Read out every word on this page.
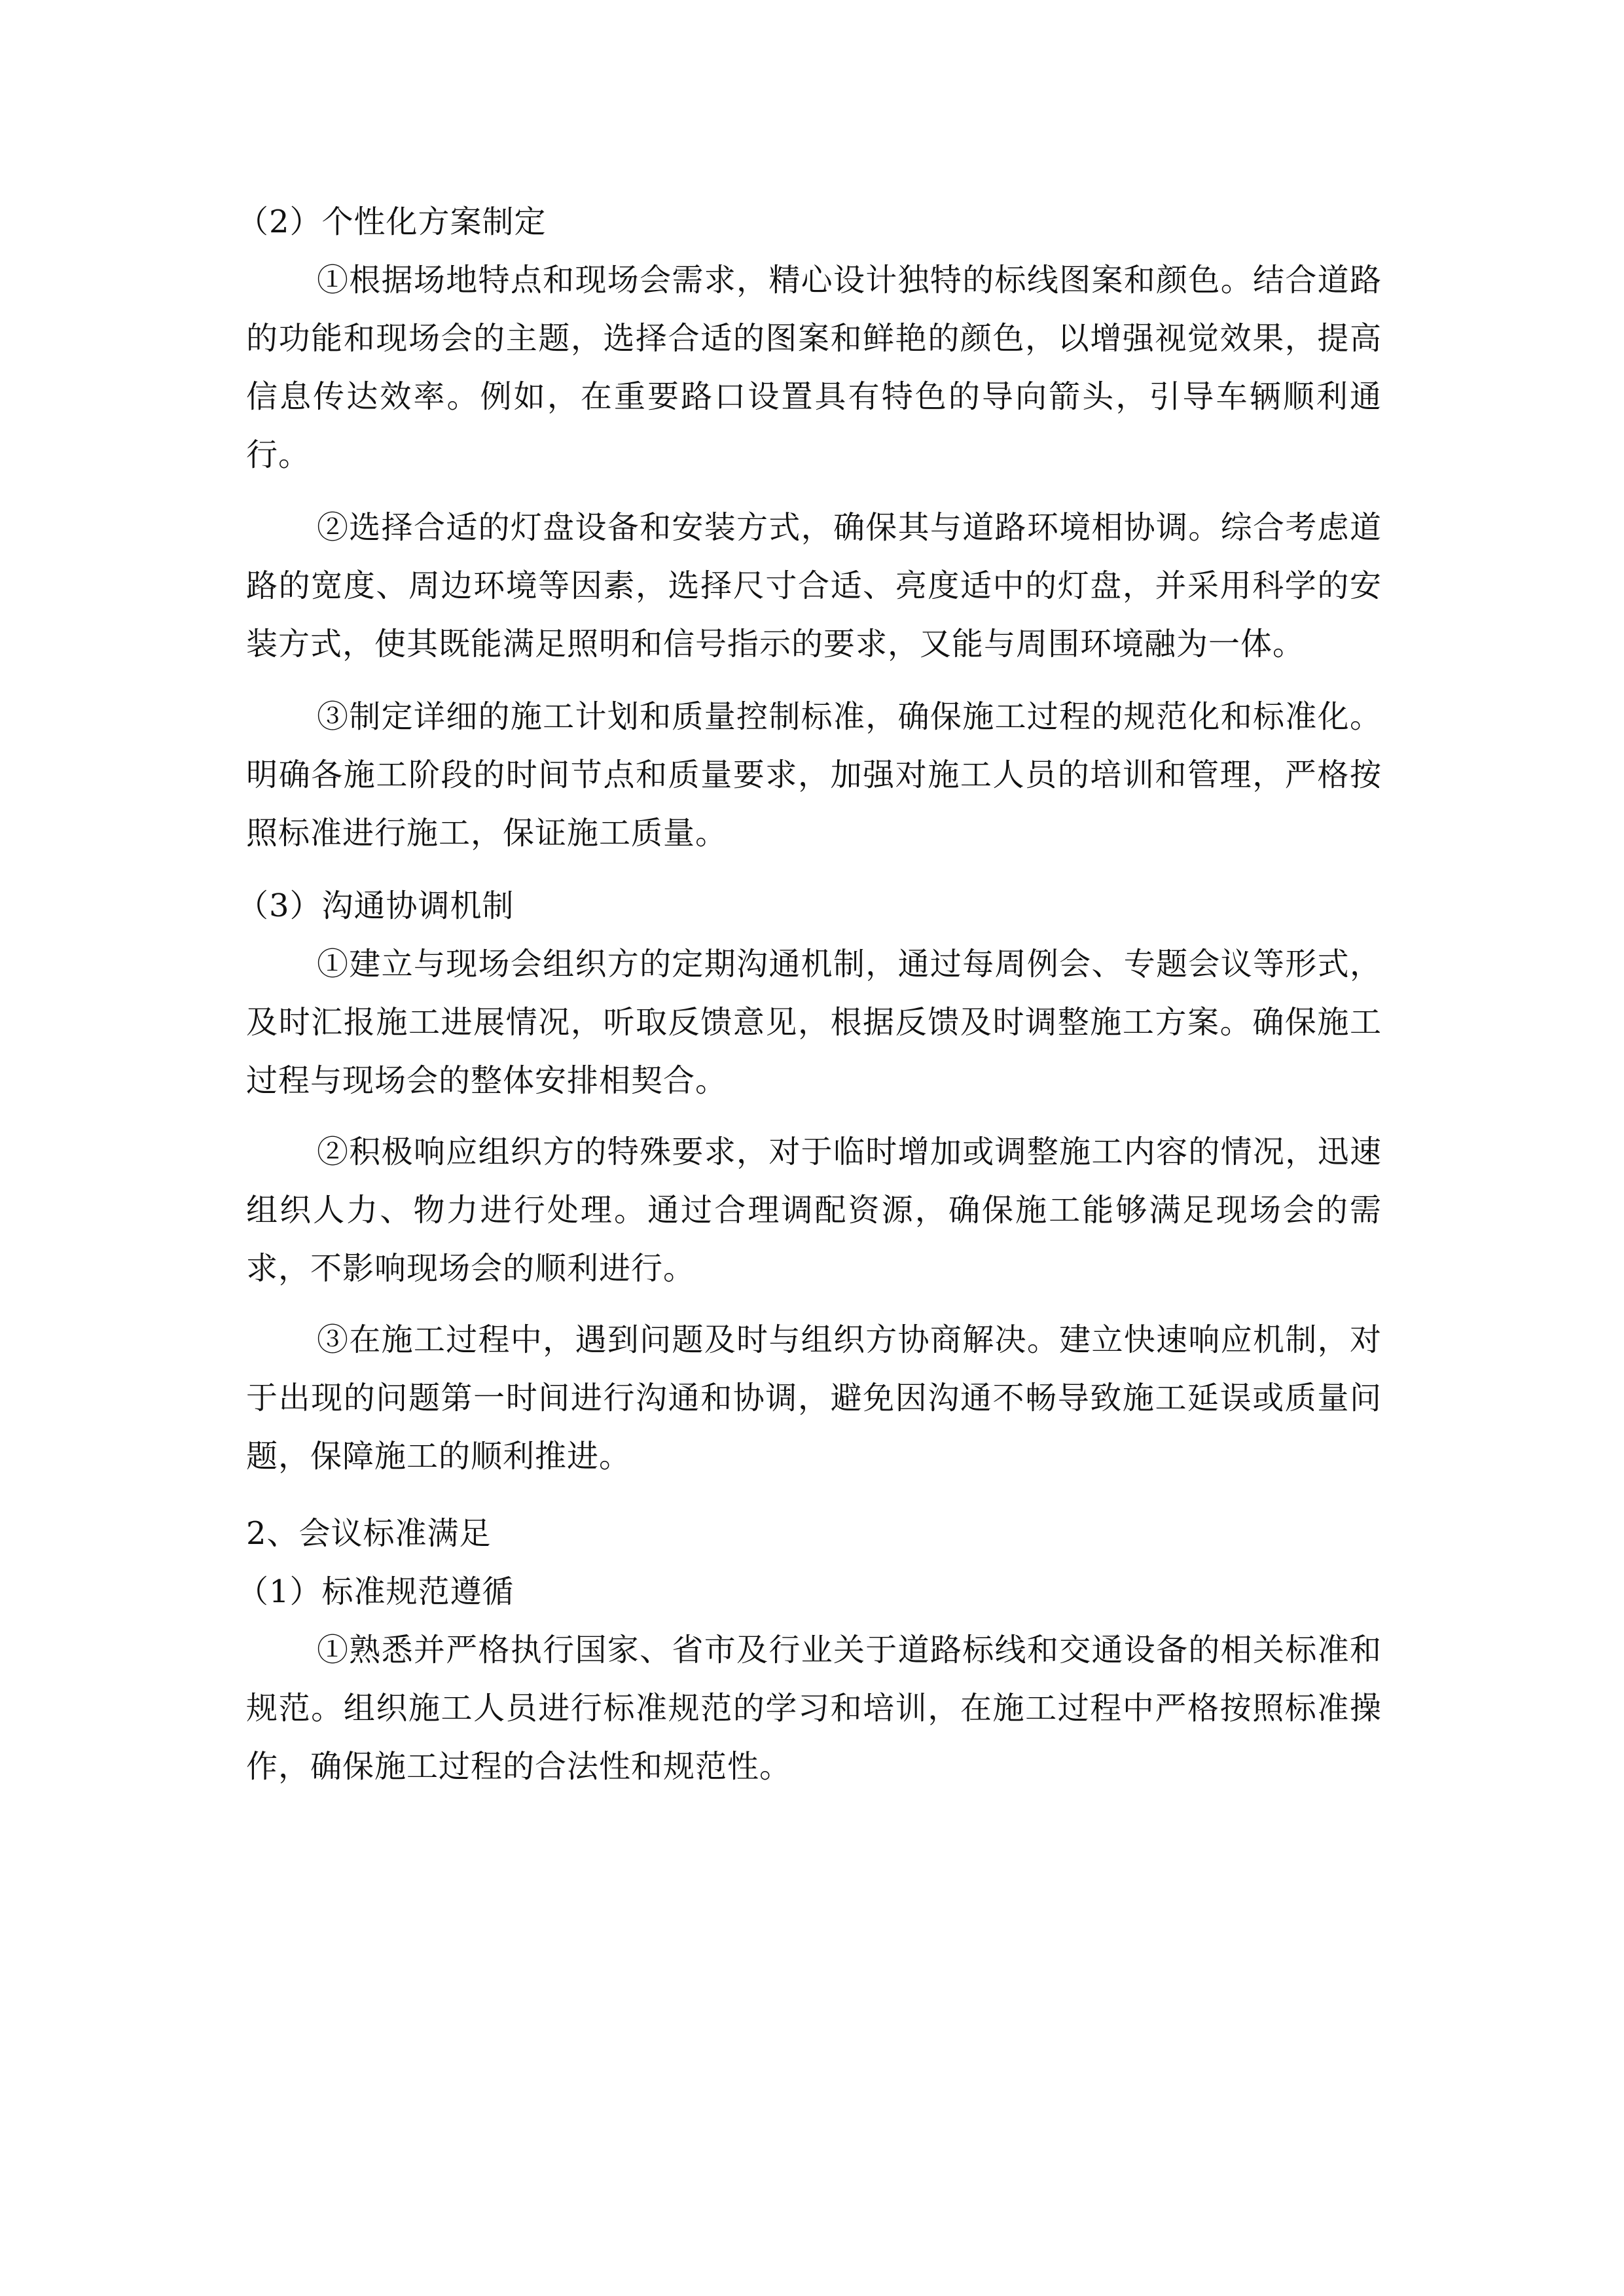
（2）个性化方案制定

①根据场地特点和现场会需求，精心设计独特的标线图案和颜色。结合道路的功能和现场会的主题，选择合适的图案和鲜艳的颜色，以增强视觉效果，提高信息传达效率。例如，在重要路口设置具有特色的导向箭头，引导车辆顺利通行。

②选择合适的灯盘设备和安装方式，确保其与道路环境相协调。综合考虑道路的宽度、周边环境等因素，选择尺寸合适、亮度适中的灯盘，并采用科学的安装方式，使其既能满足照明和信号指示的要求，又能与周围环境融为一体。

③制定详细的施工计划和质量控制标准，确保施工过程的规范化和标准化。明确各施工阶段的时间节点和质量要求，加强对施工人员的培训和管理，严格按照标准进行施工，保证施工质量。

（3）沟通协调机制

①建立与现场会组织方的定期沟通机制，通过每周例会、专题会议等形式，及时汇报施工进展情况，听取反馈意见，根据反馈及时调整施工方案。确保施工过程与现场会的整体安排相契合。

②积极响应组织方的特殊要求，对于临时增加或调整施工内容的情况，迅速组织人力、物力进行处理。通过合理调配资源，确保施工能够满足现场会的需求，不影响现场会的顺利进行。

③在施工过程中，遇到问题及时与组织方协商解决。建立快速响应机制，对于出现的问题第一时间进行沟通和协调，避免因沟通不畅导致施工延误或质量问题，保障施工的顺利推进。

2、会议标准满足

（1）标准规范遵循

①熟悉并严格执行国家、省市及行业关于道路标线和交通设备的相关标准和规范。组织施工人员进行标准规范的学习和培训，在施工过程中严格按照标准操作，确保施工过程的合法性和规范性。
